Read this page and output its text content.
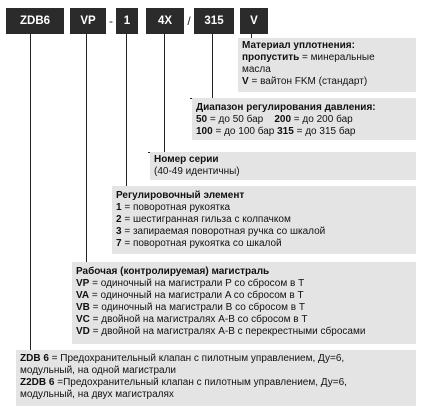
ZDB6	VP	- 1	4X	/	315	V
Материал уплотнения:
пропустить = минеральные
масла
V = вайтон FKM (стандарт)
Диапазон регулирования давления:
50 = до 50 бар 200 = до 200 бар
100 = до 100 бар 315 = до 315 бар
Номер серии
(40-49 идентичны)
Регулировочный элемент
1 = поворотная рукоятка
2 = шестигранная гильза с колпачком
3 = запираемая поворотная ручка со шкалой
7 = поворотная рукоятка со шкалой
Рабочая (контролируемая) магистраль
VP = одиночный на магистрали P со сбросом в T
VA = одиночный на магистрали A со сбросом в T
VB = одиночный на магистрали B со сбросом в T
VC = двойной на магистралях A-B со сбросом в T
VD = двойной на магистралях A-B с перекрестными сбросами
ZDB 6 = Предохранительный клапан с пилотным управлением, Ду=6,
модульный, на одной магистрали
Z2DB 6 =Предохранительный клапан с пилотным управлением, Ду=6,
модульный, на двух магистралях
